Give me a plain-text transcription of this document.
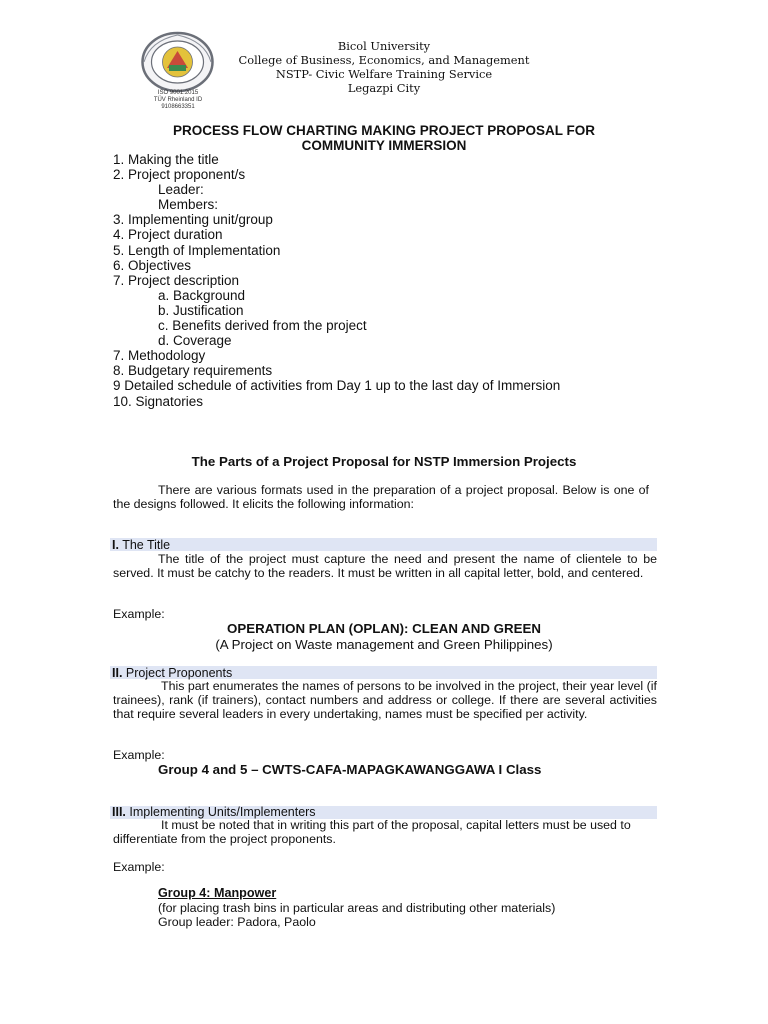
ISO 9001:2015
TÜV Rheinland ID 9108663351
Bicol University
College of Business, Economics, and Management
NSTP- Civic Welfare Training Service
Legazpi City
PROCESS FLOW CHARTING MAKING PROJECT PROPOSAL FOR
COMMUNITY IMMERSION
1. Making the title
2. Project proponent/s
Leader:
Members:
3. Implementing unit/group
4. Project duration
5. Length of Implementation
6. Objectives
7. Project description
a. Background
b. Justification
c. Benefits derived from the project
d. Coverage
7. Methodology
8. Budgetary requirements
9 Detailed schedule of activities from Day 1 up to the last day of Immersion
10. Signatories
The Parts of a Project Proposal for NSTP Immersion Projects
There are various formats used in the preparation of a project proposal. Below is one of the designs followed. It elicits the following information:
I. The Title
The title of the project must capture the need and present the name of clientele to be served. It must be catchy to the readers. It must be written in all capital letter, bold, and centered.
Example:
OPERATION PLAN (OPLAN): CLEAN AND GREEN
(A Project on Waste management and Green Philippines)
II. Project Proponents
This part enumerates the names of persons to be involved in the project, their year level (if trainees), rank (if trainers), contact numbers and address or college. If there are several activities that require several leaders in every undertaking, names must be specified per activity.
Example:
Group 4 and 5 – CWTS-CAFA-MAPAGKAWANGGAWA I Class
III. Implementing Units/Implementers
It must be noted that in writing this part of the proposal, capital letters must be used to differentiate from the project proponents.
Example:
Group 4: Manpower
(for placing trash bins in particular areas and distributing other materials)
Group leader: Padora, Paolo
